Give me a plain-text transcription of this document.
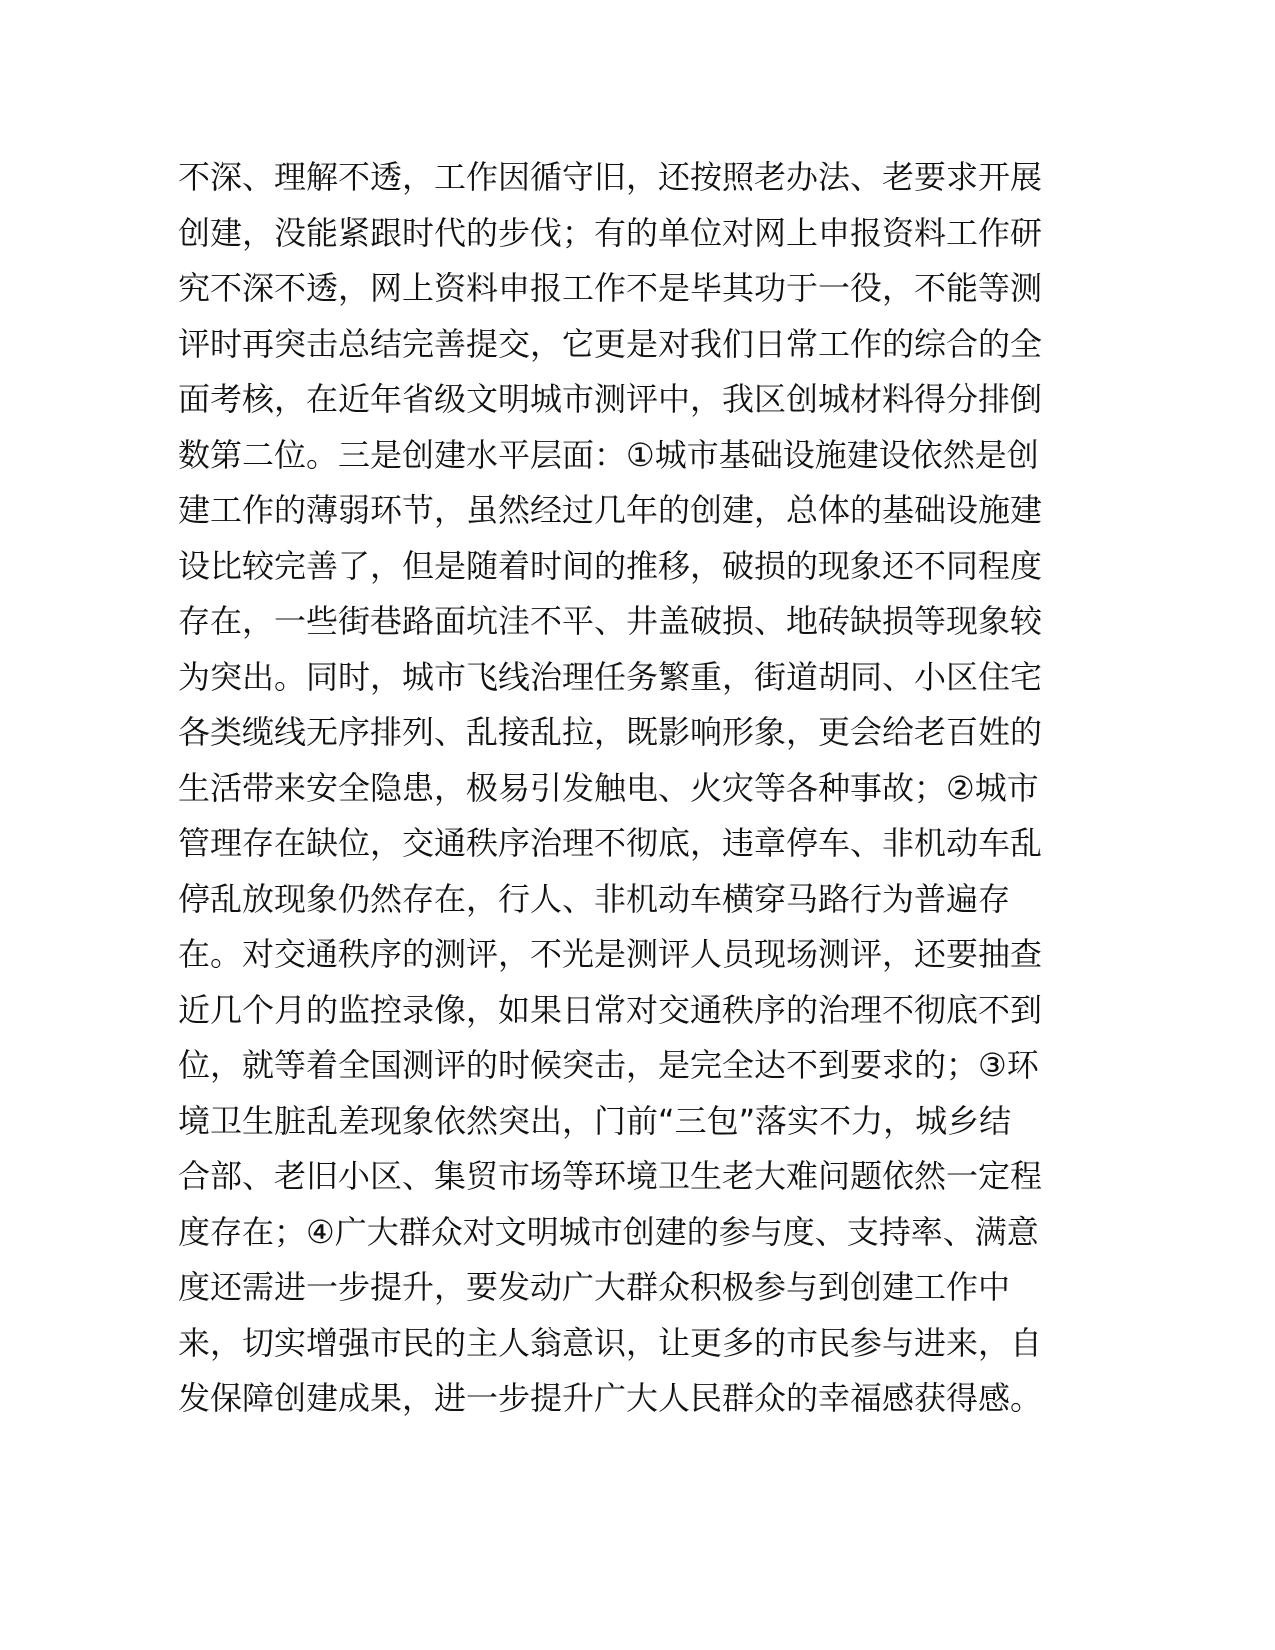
不深、理解不透，工作因循守旧，还按照老办法、老要求开展
创建，没能紧跟时代的步伐；有的单位对网上申报资料工作研
究不深不透，网上资料申报工作不是毕其功于一役，不能等测
评时再突击总结完善提交，它更是对我们日常工作的综合的全
面考核，在近年省级文明城市测评中，我区创城材料得分排倒
数第二位。三是创建水平层面：①城市基础设施建设依然是创
建工作的薄弱环节，虽然经过几年的创建，总体的基础设施建
设比较完善了，但是随着时间的推移，破损的现象还不同程度
存在，一些街巷路面坑洼不平、井盖破损、地砖缺损等现象较
为突出。同时，城市飞线治理任务繁重，街道胡同、小区住宅
各类缆线无序排列、乱接乱拉，既影响形象，更会给老百姓的
生活带来安全隐患，极易引发触电、火灾等各种事故；②城市
管理存在缺位，交通秩序治理不彻底，违章停车、非机动车乱
停乱放现象仍然存在，行人、非机动车横穿马路行为普遍存
在。对交通秩序的测评，不光是测评人员现场测评，还要抽查
近几个月的监控录像，如果日常对交通秩序的治理不彻底不到
位，就等着全国测评的时候突击，是完全达不到要求的；③环
境卫生脏乱差现象依然突出，门前“三包”落实不力，城乡结
合部、老旧小区、集贸市场等环境卫生老大难问题依然一定程
度存在；④广大群众对文明城市创建的参与度、支持率、满意
度还需进一步提升，要发动广大群众积极参与到创建工作中
来，切实增强市民的主人翁意识，让更多的市民参与进来，自
发保障创建成果，进一步提升广大人民群众的幸福感获得感。
